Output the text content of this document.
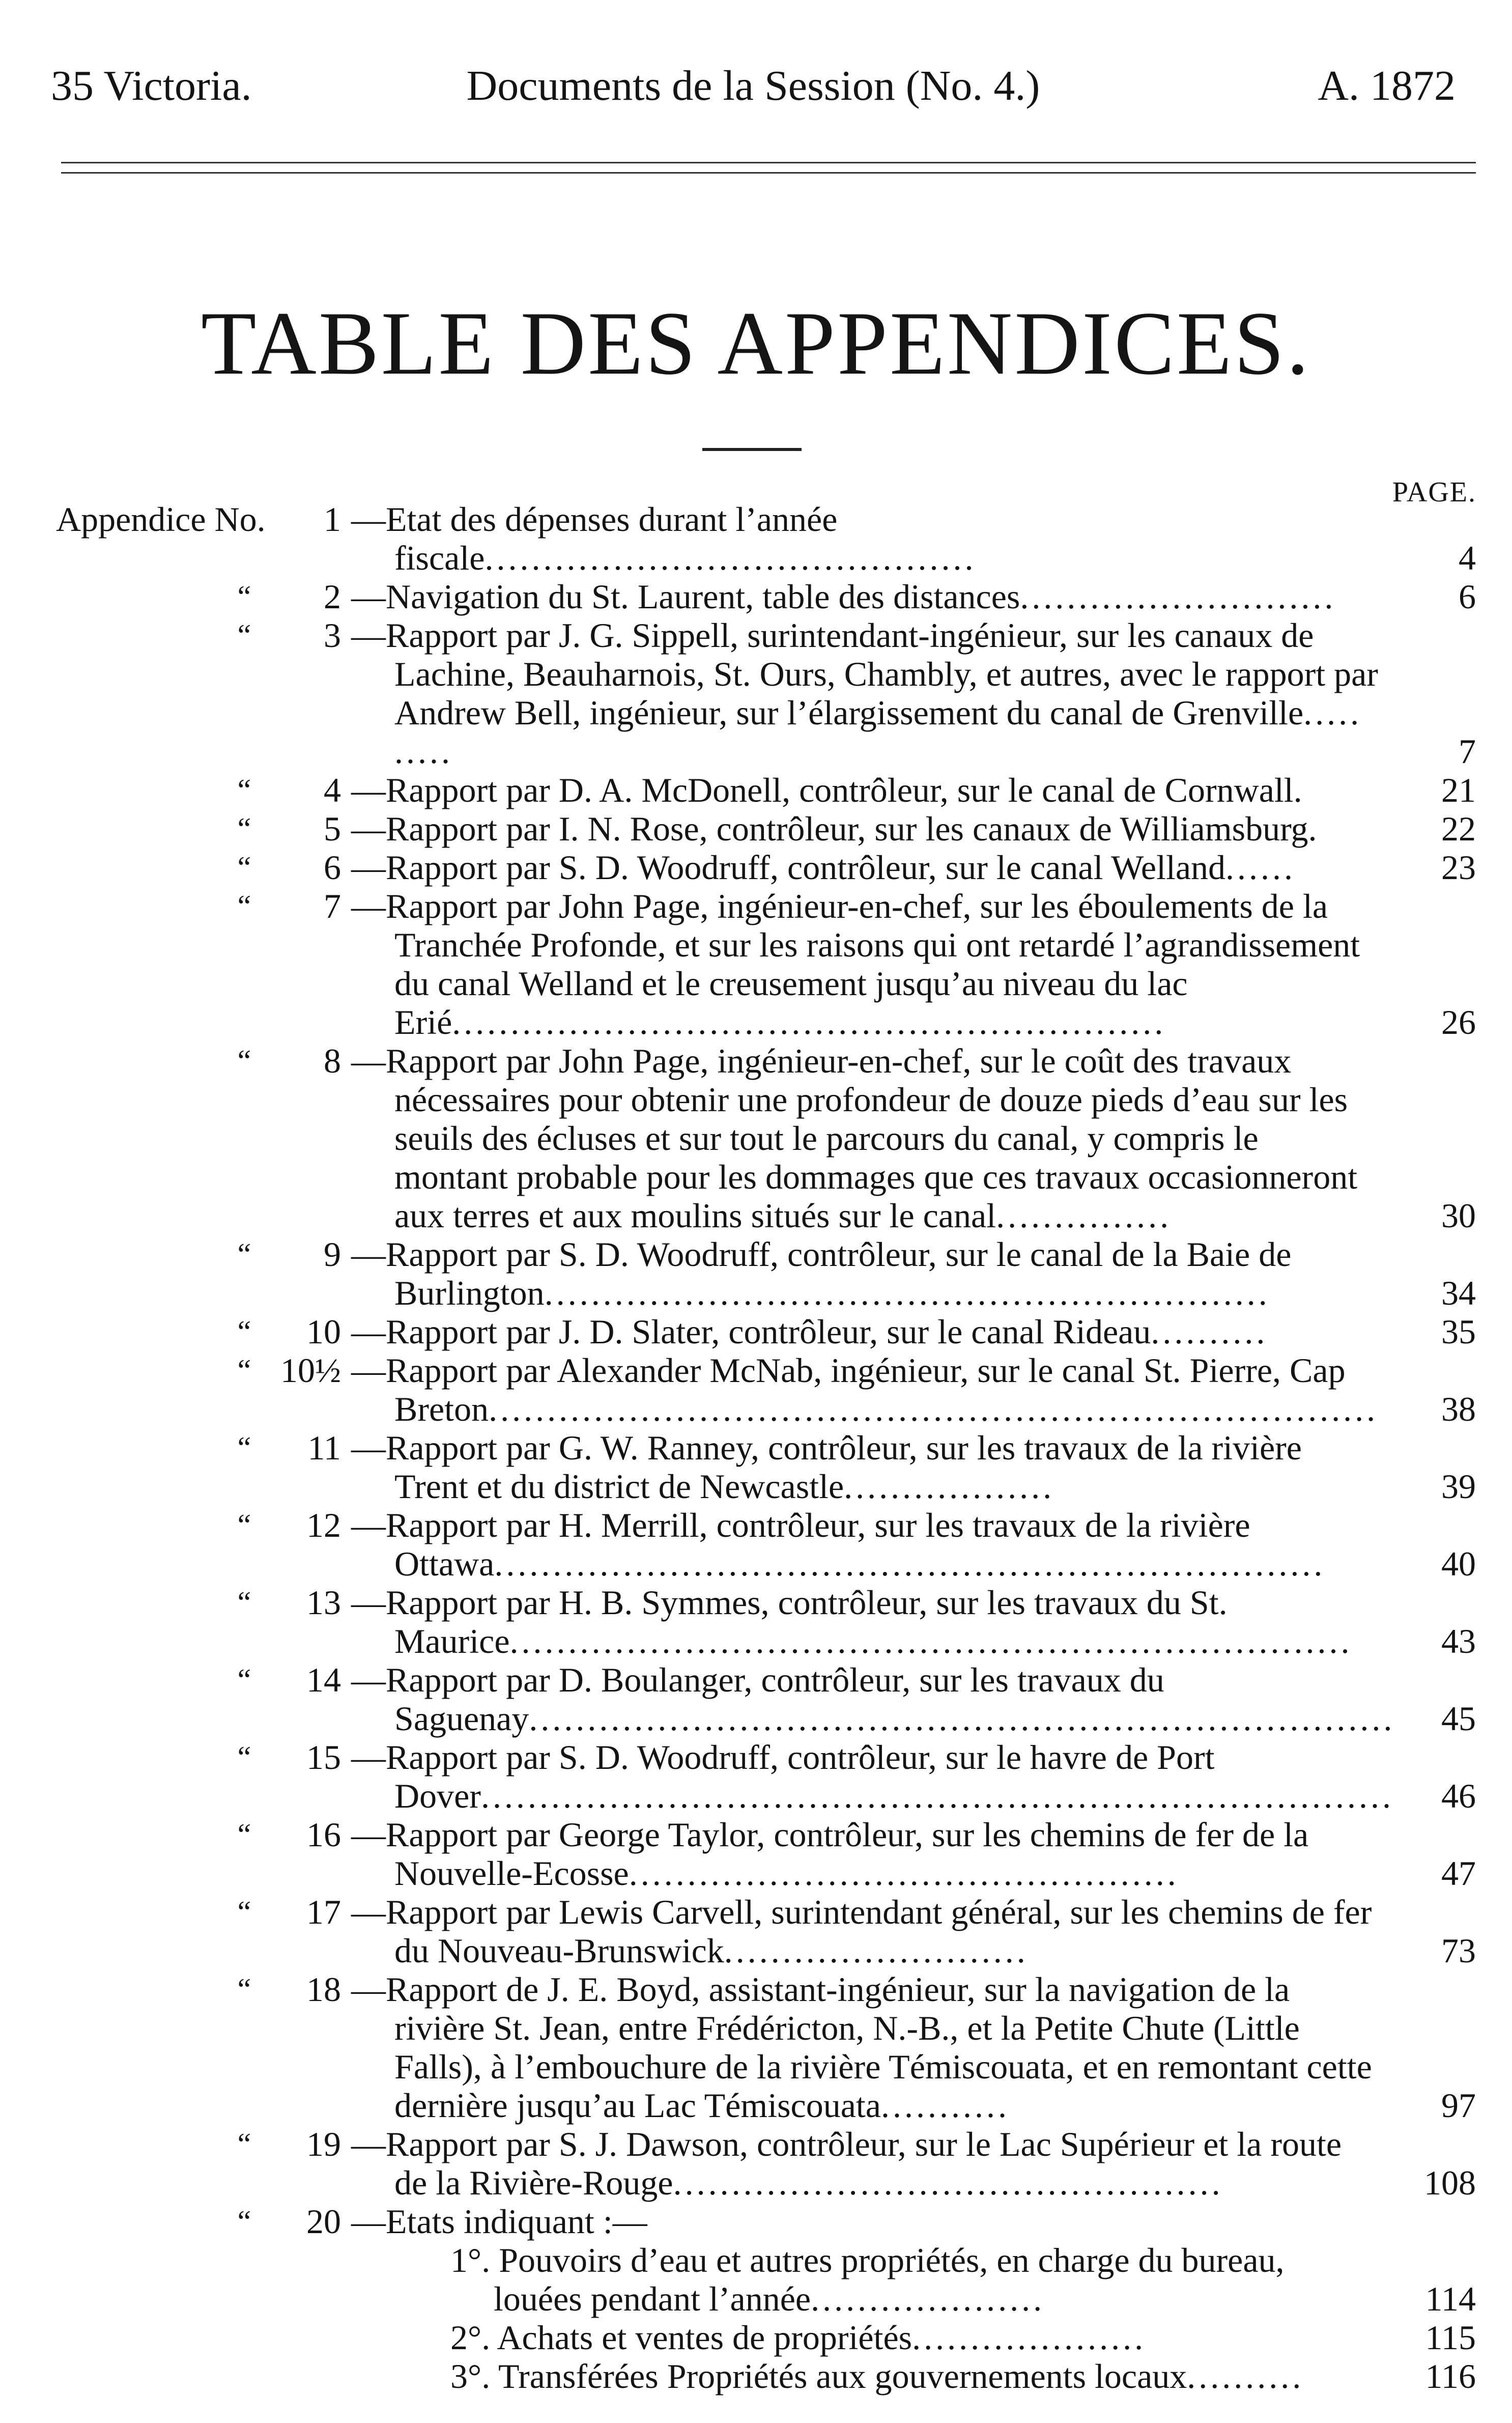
35 Victoria.	Documents de la Session (No. 4.)	A. 1872
TABLE DES APPENDICES.
PAGE.
Appendice No.	1 —Etat des dépenses durant l’année fiscale..........................................	4
“	2 —Navigation du St. Laurent, table des distances...........................	6
“	3 —Rapport par J. G. Sippell, surintendant-ingénieur, sur les canaux de Lachine, Beauharnois, St. Ours, Chambly, et autres, avec le rapport par Andrew Bell, ingénieur, sur l’élargissement du canal de Grenville..... .....	7
“	4 —Rapport par D. A. McDonell, contrôleur, sur le canal de Cornwall.	21
“	5 —Rapport par I. N. Rose, contrôleur, sur les canaux de Williamsburg.	22
“	6 —Rapport par S. D. Woodruff, contrôleur, sur le canal Welland......	23
“	7 —Rapport par John Page, ingénieur-en-chef, sur les éboulements de la Tranchée Profonde, et sur les raisons qui ont retardé l’agrandissement du canal Welland et le creusement jusqu’au niveau du lac Erié.............................................................	26
“	8 —Rapport par John Page, ingénieur-en-chef, sur le coût des travaux nécessaires pour obtenir une profondeur de douze pieds d’eau sur les seuils des écluses et sur tout le parcours du canal, y compris le montant probable pour les dommages que ces travaux occasionneront aux terres et aux moulins situés sur le canal...............	30
“	9 —Rapport par S. D. Woodruff, contrôleur, sur le canal de la Baie de Burlington..............................................................	34
“	10 —Rapport par J. D. Slater, contrôleur, sur le canal Rideau..........	35
“ 10½ —Rapport par Alexander McNab, ingénieur, sur le canal St. Pierre, Cap Breton............................................................................	38
“	11 —Rapport par G. W. Ranney, contrôleur, sur les travaux de la rivière Trent et du district de Newcastle..................	39
“	12 —Rapport par H. Merrill, contrôleur, sur les travaux de la rivière Ottawa.......................................................................	40
“	13 —Rapport par H. B. Symmes, contrôleur, sur les travaux du St. Maurice........................................................................	43
“	14 —Rapport par D. Boulanger, contrôleur, sur les travaux du Saguenay..........................................................................	45
“	15 —Rapport par S. D. Woodruff, contrôleur, sur le havre de Port Dover..............................................................................	46
“	16 —Rapport par George Taylor, contrôleur, sur les chemins de fer de la Nouvelle-Ecosse...............................................	47
“	17 —Rapport par Lewis Carvell, surintendant général, sur les chemins de fer du Nouveau-Brunswick..........................	73
“	18 —Rapport de J. E. Boyd, assistant-ingénieur, sur la navigation de la rivière St. Jean, entre Frédéricton, N.-B., et la Petite Chute (Little Falls), à l’embouchure de la rivière Témiscouata, et en remontant cette dernière jusqu’au Lac Témiscouata...........	97
“	19 —Rapport par S. J. Dawson, contrôleur, sur le Lac Supérieur et la route de la Rivière-Rouge...............................................	108
“	20 —Etats indiquant :—
1°. Pouvoirs d’eau et autres propriétés, en charge du bureau, louées pendant l’année....................	114
2°. Achats et ventes de propriétés....................	115
3°. Transférées Propriétés aux gouvernements locaux..........	116
